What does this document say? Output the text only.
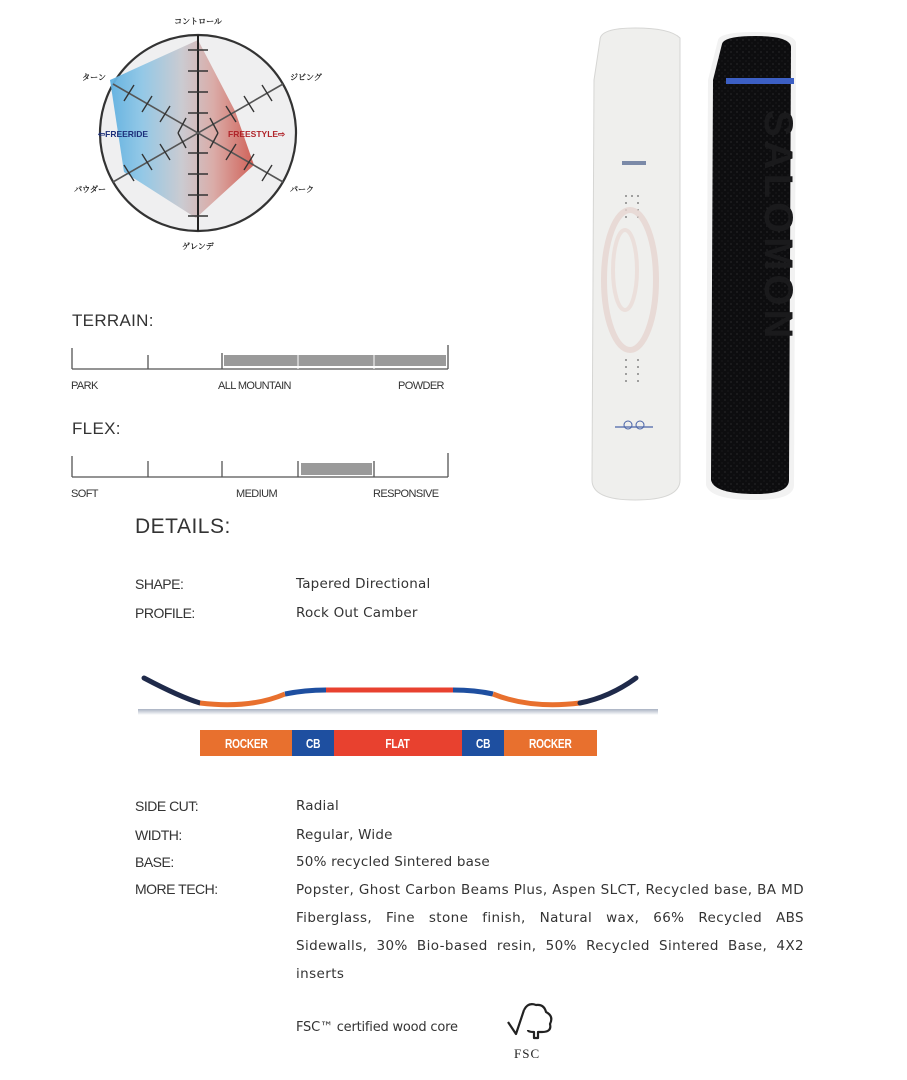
コントロール
ジビング
パーク
ゲレンデ
パウダー
ターン
⇦FREERIDE	FREESTYLE⇨
TERRAIN:
PARK	ALL MOUNTAIN	POWDER
FLEX:
SOFT	MEDIUM	RESPONSIVE
SALOMON
DETAILS:
SHAPE:	Tapered Directional
PROFILE:	Rock Out Camber
ROCKER	CB	FLAT	CB	ROCKER
SIDE CUT:	Radial
WIDTH:	Regular, Wide
BASE:	50% recycled Sintered base
MORE TECH:	Popster, Ghost Carbon Beams Plus, Aspen SLCT, Recycled base, BA MD Fiberglass, Fine stone finish, Natural wax, 66% Recycled ABS Sidewalls, 30% Bio-based resin, 50% Recycled Sintered Base, 4X2 inserts
FSC™ certified wood core
FSC
